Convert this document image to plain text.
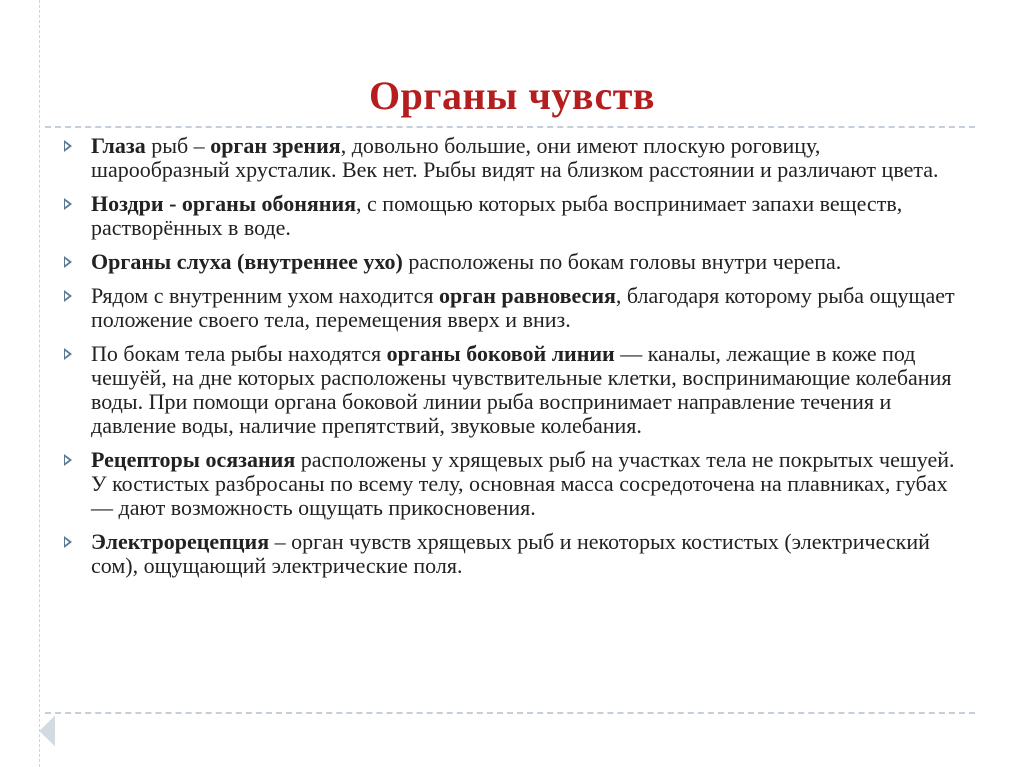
Органы чувств
Глаза рыб – орган зрения, довольно большие, они имеют плоскую роговицу, шарообразный хрусталик. Век нет. Рыбы видят на близком расстоянии и различают цвета.
Ноздри - органы обоняния, с помощью которых рыба воспринимает запахи веществ, растворённых в воде.
Органы слуха (внутреннее ухо) расположены по бокам головы внутри черепа.
Рядом с внутренним ухом находится орган равновесия, благодаря которому рыба ощущает положение своего тела, перемещения вверх и вниз.
По бокам тела рыбы находятся органы боковой линии — каналы, лежащие в коже под чешуёй, на дне которых расположены чувствительные клетки, воспринимающие колебания воды. При помощи органа боковой линии рыба воспринимает направление течения и давление воды, наличие препятствий, звуковые колебания.
Рецепторы осязания расположены у хрящевых рыб на участках тела не покрытых чешуей. У костистых разбросаны по всему телу, основная масса сосредоточена на плавниках, губах — дают возможность ощущать прикосновения.
Электрорецепция – орган чувств хрящевых рыб и некоторых костистых (электрический сом), ощущающий электрические поля.
